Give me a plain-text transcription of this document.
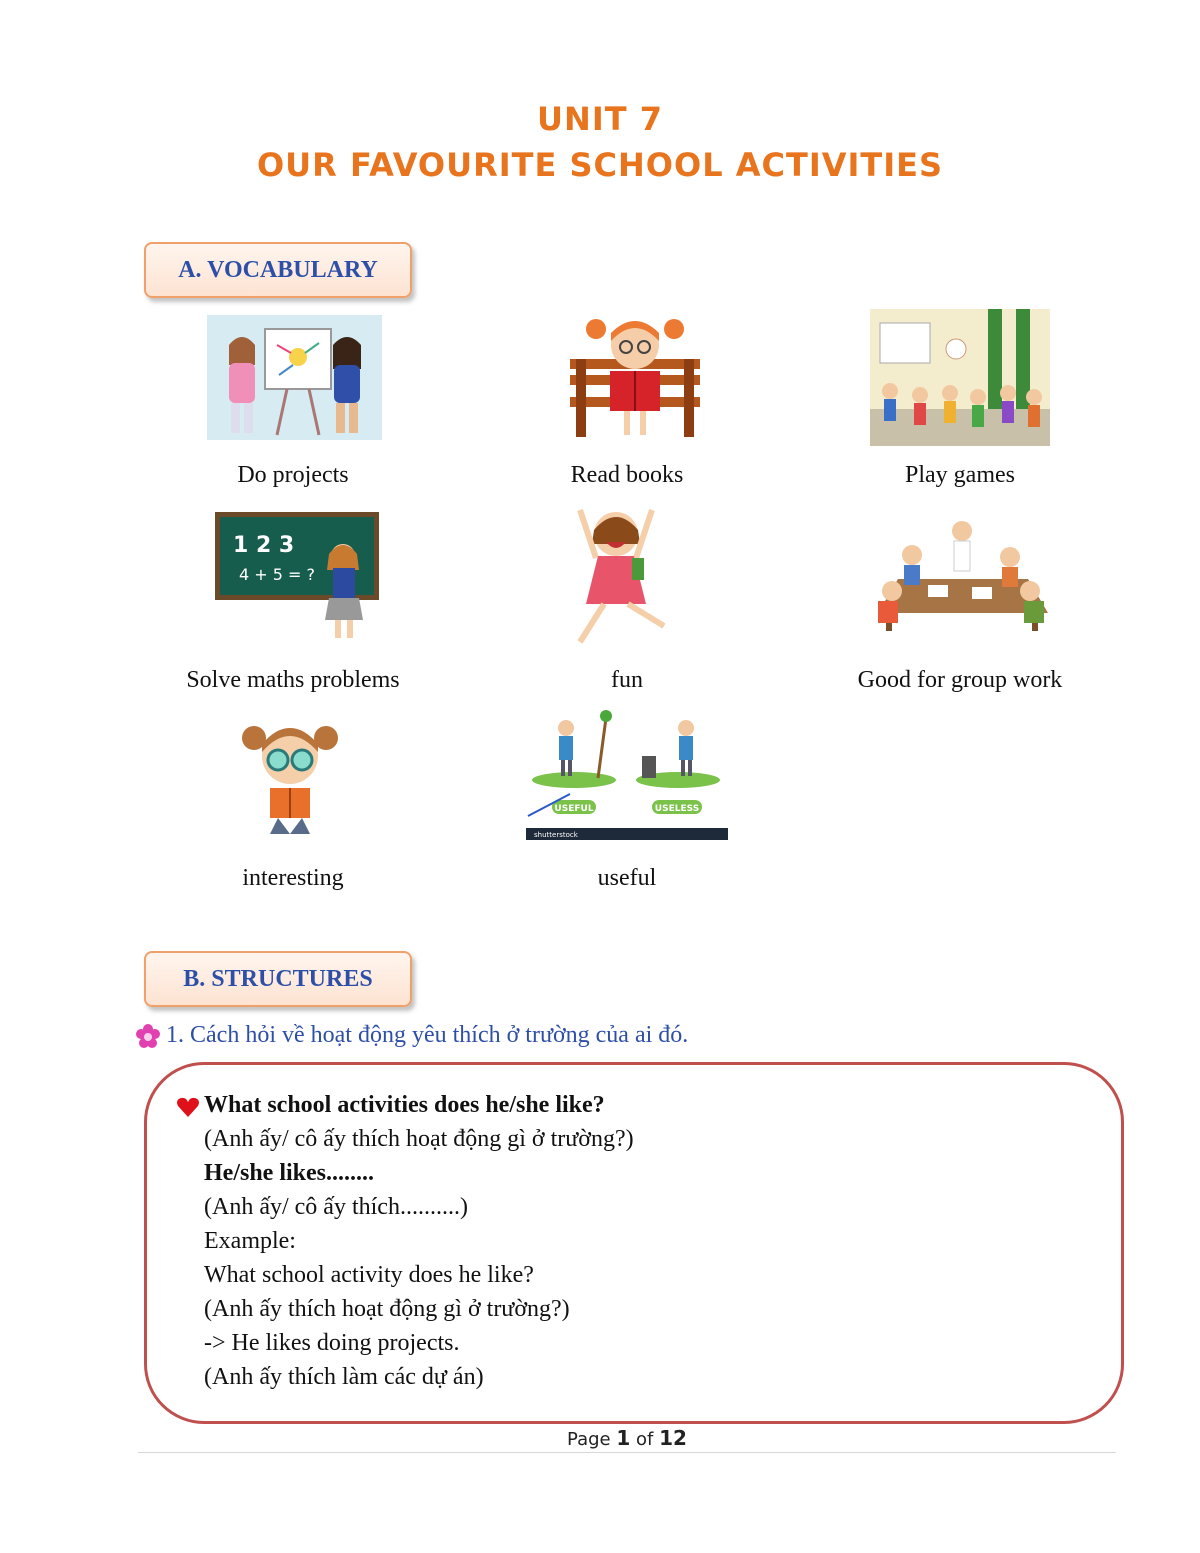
UNIT 7
OUR FAVOURITE SCHOOL ACTIVITIES
A. VOCABULARY
Do projects	Read books	Play games
1 2 3
4 + 5 = ?
Solve maths problems	fun	Good for group work
USEFUL	USELESS
shutterstock
interesting	useful
B. STRUCTURES
1. Cách hỏi về hoạt động yêu thích ở trường của ai đó.
What school activities does he/she like?
(Anh ấy/ cô ấy thích hoạt động gì ở trường?)
He/she likes........
(Anh ấy/ cô ấy thích..........)
Example:
What school activity does he like?
(Anh ấy thích hoạt động gì ở trường?)
-> He likes doing projects.
(Anh ấy thích làm các dự án)
Page 1 of 12
